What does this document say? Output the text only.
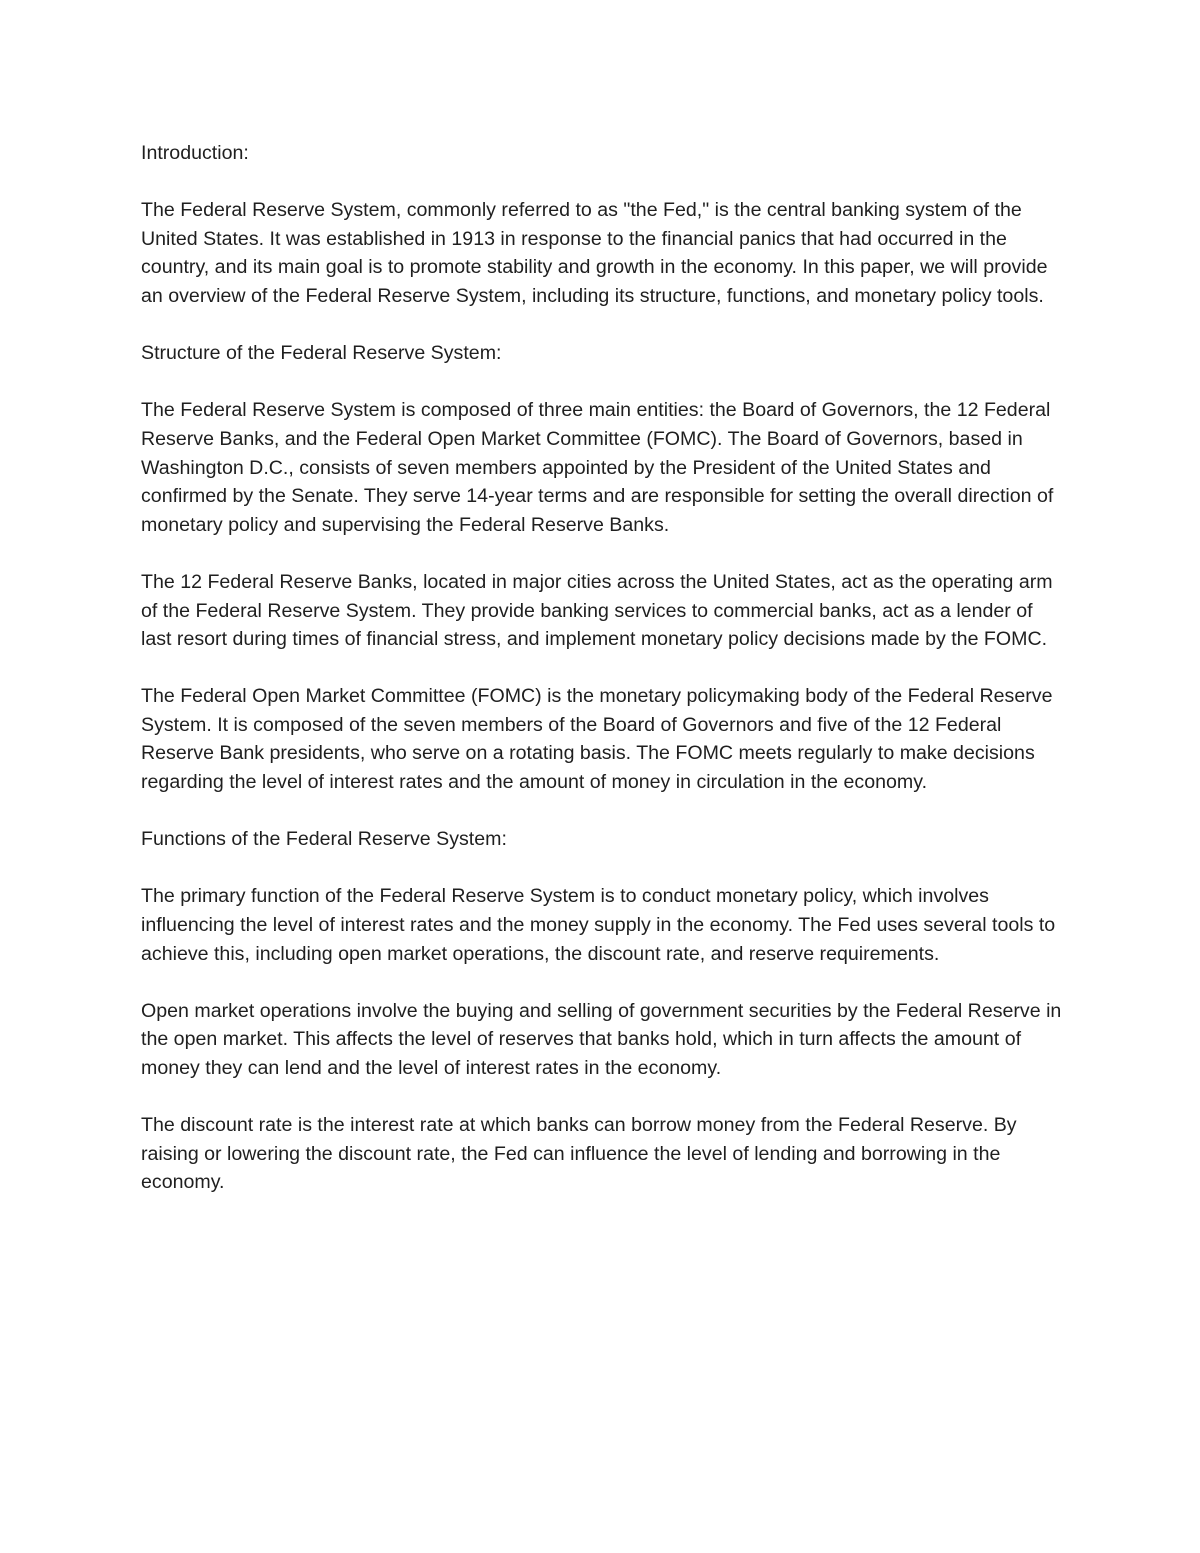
Introduction:

The Federal Reserve System, commonly referred to as "the Fed," is the central banking system of the United States. It was established in 1913 in response to the financial panics that had occurred in the country, and its main goal is to promote stability and growth in the economy. In this paper, we will provide an overview of the Federal Reserve System, including its structure, functions, and monetary policy tools.

Structure of the Federal Reserve System:

The Federal Reserve System is composed of three main entities: the Board of Governors, the 12 Federal Reserve Banks, and the Federal Open Market Committee (FOMC). The Board of Governors, based in Washington D.C., consists of seven members appointed by the President of the United States and confirmed by the Senate. They serve 14-year terms and are responsible for setting the overall direction of monetary policy and supervising the Federal Reserve Banks.

The 12 Federal Reserve Banks, located in major cities across the United States, act as the operating arm of the Federal Reserve System. They provide banking services to commercial banks, act as a lender of last resort during times of financial stress, and implement monetary policy decisions made by the FOMC.

The Federal Open Market Committee (FOMC) is the monetary policymaking body of the Federal Reserve System. It is composed of the seven members of the Board of Governors and five of the 12 Federal Reserve Bank presidents, who serve on a rotating basis. The FOMC meets regularly to make decisions regarding the level of interest rates and the amount of money in circulation in the economy.

Functions of the Federal Reserve System:

The primary function of the Federal Reserve System is to conduct monetary policy, which involves influencing the level of interest rates and the money supply in the economy. The Fed uses several tools to achieve this, including open market operations, the discount rate, and reserve requirements.

Open market operations involve the buying and selling of government securities by the Federal Reserve in the open market. This affects the level of reserves that banks hold, which in turn affects the amount of money they can lend and the level of interest rates in the economy.

The discount rate is the interest rate at which banks can borrow money from the Federal Reserve. By raising or lowering the discount rate, the Fed can influence the level of lending and borrowing in the economy.
